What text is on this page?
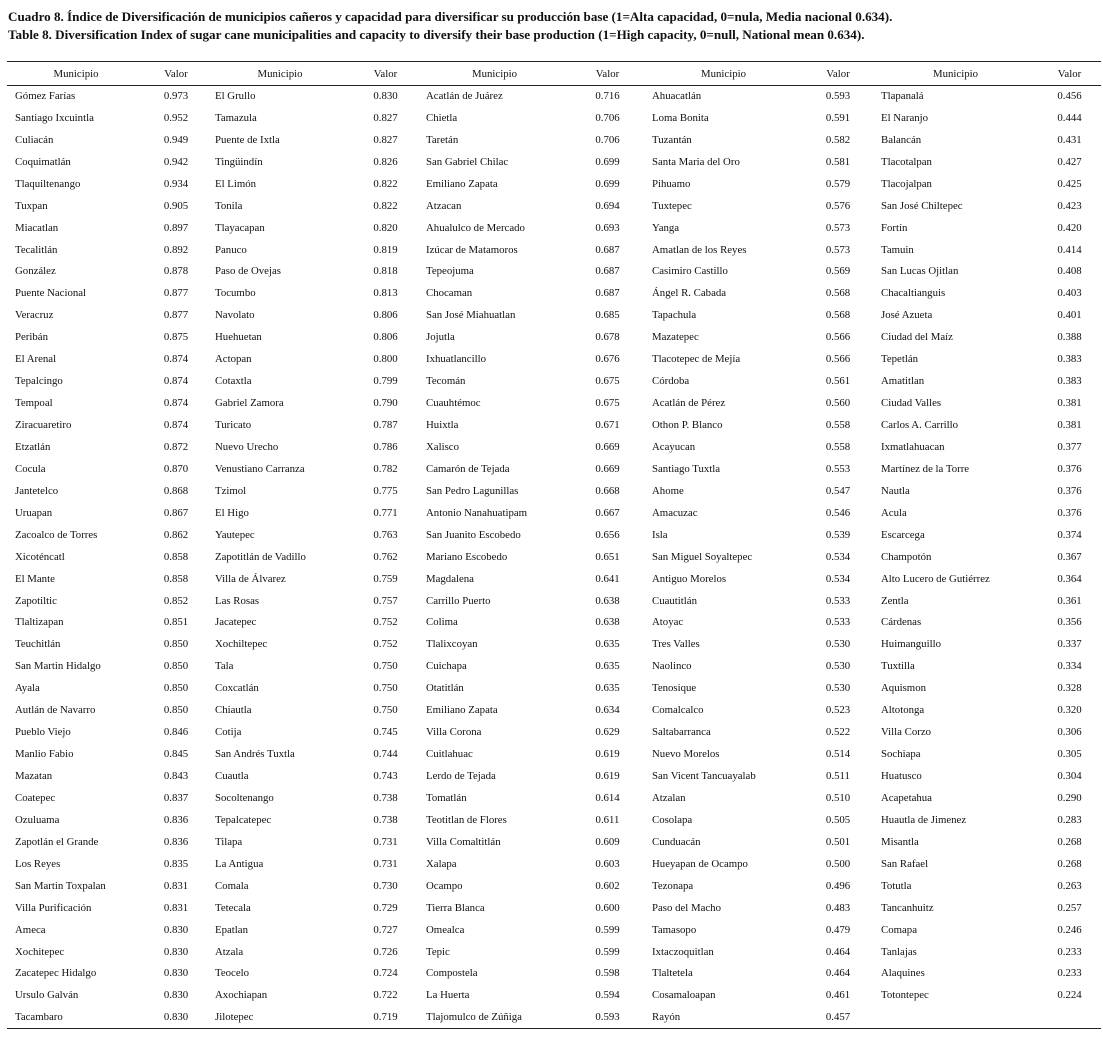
Cuadro 8. Índice de Diversificación de municipios cañeros y capacidad para diversificar su producción base (1=Alta capacidad, 0=nula, Media nacional 0.634).
Table 8. Diversification Index of sugar cane municipalities and capacity to diversify their base production (1=High capacity, 0=null, National mean 0.634).
Municipio	Valor	Municipio	Valor	Municipio	Valor	Municipio	Valor	Municipio	Valor
Gómez Farías	0.973	El Grullo	0.830	Acatlán de Juárez	0.716	Ahuacatlán	0.593	Tlapanalá	0.456
Santiago Ixcuintla	0.952	Tamazula	0.827	Chietla	0.706	Loma Bonita	0.591	El Naranjo	0.444
Culiacán	0.949	Puente de Ixtla	0.827	Taretán	0.706	Tuzantán	0.582	Balancán	0.431
Coquimatlán	0.942	Tingüindín	0.826	San Gabriel Chilac	0.699	Santa Maria del Oro	0.581	Tlacotalpan	0.427
Tlaquiltenango	0.934	El Limón	0.822	Emiliano Zapata	0.699	Pihuamo	0.579	Tlacojalpan	0.425
Tuxpan	0.905	Tonila	0.822	Atzacan	0.694	Tuxtepec	0.576	San José Chiltepec	0.423
Miacatlan	0.897	Tlayacapan	0.820	Ahualulco de Mercado	0.693	Yanga	0.573	Fortín	0.420
Tecalitlán	0.892	Panuco	0.819	Izúcar de Matamoros	0.687	Amatlan de los Reyes	0.573	Tamuin	0.414
González	0.878	Paso de Ovejas	0.818	Tepeojuma	0.687	Casimiro Castillo	0.569	San Lucas Ojitlan	0.408
Puente Nacional	0.877	Tocumbo	0.813	Chocaman	0.687	Ángel R. Cabada	0.568	Chacaltianguis	0.403
Veracruz	0.877	Navolato	0.806	San José Miahuatlan	0.685	Tapachula	0.568	José Azueta	0.401
Peribán	0.875	Huehuetan	0.806	Jojutla	0.678	Mazatepec	0.566	Ciudad del Maíz	0.388
El Arenal	0.874	Actopan	0.800	Ixhuatlancillo	0.676	Tlacotepec de Mejía	0.566	Tepetlán	0.383
Tepalcingo	0.874	Cotaxtla	0.799	Tecomán	0.675	Córdoba	0.561	Amatitlan	0.383
Tempoal	0.874	Gabriel Zamora	0.790	Cuauhtémoc	0.675	Acatlán de Pérez	0.560	Ciudad Valles	0.381
Ziracuaretiro	0.874	Turicato	0.787	Huixtla	0.671	Othon P. Blanco	0.558	Carlos A. Carrillo	0.381
Etzatlán	0.872	Nuevo Urecho	0.786	Xalisco	0.669	Acayucan	0.558	Ixmatlahuacan	0.377
Cocula	0.870	Venustiano Carranza	0.782	Camarón de Tejada	0.669	Santiago Tuxtla	0.553	Martínez de la Torre	0.376
Jantetelco	0.868	Tzimol	0.775	San Pedro Lagunillas	0.668	Ahome	0.547	Nautla	0.376
Uruapan	0.867	El Higo	0.771	Antonio Nanahuatipam	0.667	Amacuzac	0.546	Acula	0.376
Zacoalco de Torres	0.862	Yautepec	0.763	San Juanito Escobedo	0.656	Isla	0.539	Escarcega	0.374
Xicoténcatl	0.858	Zapotitlán de Vadillo	0.762	Mariano Escobedo	0.651	San Miguel Soyaltepec	0.534	Champotón	0.367
El Mante	0.858	Villa de Álvarez	0.759	Magdalena	0.641	Antiguo Morelos	0.534	Alto Lucero de Gutiérrez	0.364
Zapotiltic	0.852	Las Rosas	0.757	Carrillo Puerto	0.638	Cuautitlán	0.533	Zentla	0.361
Tlaltizapan	0.851	Jacatepec	0.752	Colima	0.638	Atoyac	0.533	Cárdenas	0.356
Teuchitlán	0.850	Xochiltepec	0.752	Tlalixcoyan	0.635	Tres Valles	0.530	Huimanguillo	0.337
San Martin Hidalgo	0.850	Tala	0.750	Cuichapa	0.635	Naolinco	0.530	Tuxtilla	0.334
Ayala	0.850	Coxcatlán	0.750	Otatitlán	0.635	Tenosique	0.530	Aquismon	0.328
Autlán de Navarro	0.850	Chiautla	0.750	Emiliano Zapata	0.634	Comalcalco	0.523	Altotonga	0.320
Pueblo Viejo	0.846	Cotija	0.745	Villa Corona	0.629	Saltabarranca	0.522	Villa Corzo	0.306
Manlio Fabio	0.845	San Andrés Tuxtla	0.744	Cuitlahuac	0.619	Nuevo Morelos	0.514	Sochiapa	0.305
Mazatan	0.843	Cuautla	0.743	Lerdo de Tejada	0.619	San Vicent Tancuayalab	0.511	Huatusco	0.304
Coatepec	0.837	Socoltenango	0.738	Tomatlán	0.614	Atzalan	0.510	Acapetahua	0.290
Ozuluama	0.836	Tepalcatepec	0.738	Teotitlan de Flores	0.611	Cosolapa	0.505	Huautla de Jimenez	0.283
Zapotlán el Grande	0.836	Tilapa	0.731	Villa Comaltitlán	0.609	Cunduacán	0.501	Misantla	0.268
Los Reyes	0.835	La Antigua	0.731	Xalapa	0.603	Hueyapan de Ocampo	0.500	San Rafael	0.268
San Martin Toxpalan	0.831	Comala	0.730	Ocampo	0.602	Tezonapa	0.496	Totutla	0.263
Villa Purificación	0.831	Tetecala	0.729	Tierra Blanca	0.600	Paso del Macho	0.483	Tancanhuitz	0.257
Ameca	0.830	Epatlan	0.727	Omealca	0.599	Tamasopo	0.479	Comapa	0.246
Xochitepec	0.830	Atzala	0.726	Tepic	0.599	Ixtaczoquitlan	0.464	Tanlajas	0.233
Zacatepec Hidalgo	0.830	Teocelo	0.724	Compostela	0.598	Tlaltetela	0.464	Alaquines	0.233
Ursulo Galván	0.830	Axochiapan	0.722	La Huerta	0.594	Cosamaloapan	0.461	Totontepec	0.224
Tacambaro	0.830	Jilotepec	0.719	Tlajomulco de Zúñiga	0.593	Rayón	0.457		
